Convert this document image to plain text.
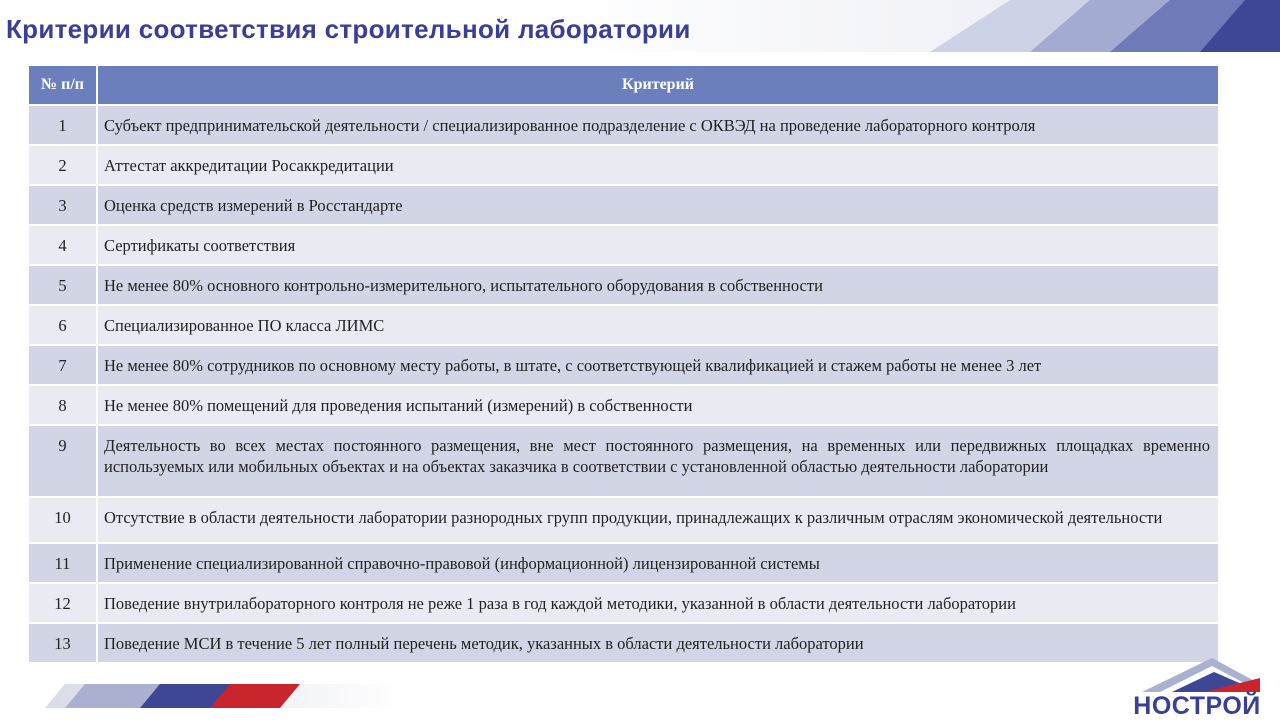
Критерии соответствия строительной лаборатории
№ п/п	Критерий
1	Субъект предпринимательской деятельности / специализированное подразделение с ОКВЭД на проведение лабораторного контроля
2	Аттестат аккредитации Росаккредитации
3	Оценка средств измерений в Росстандарте
4	Сертификаты соответствия
5	Не менее 80% основного контрольно-измерительного, испытательного оборудования в собственности
6	Специализированное ПО класса ЛИМС
7	Не менее 80% сотрудников по основному месту работы, в штате, с соответствующей квалификацией и стажем работы не менее 3 лет
8	Не менее 80% помещений для проведения испытаний (измерений) в собственности
9	Деятельность во всех местах постоянного размещения, вне мест постоянного размещения, на временных или передвижных площадках временно используемых или мобильных объектах и на объектах заказчика в соответствии с установленной областью деятельности лаборатории
10	Отсутствие в области деятельности лаборатории разнородных групп продукции, принадлежащих к различным отраслям экономической деятельности
11	Применение специализированной справочно-правовой (информационной) лицензированной системы
12	Поведение внутрилабораторного контроля не реже 1 раза в год каждой методики, указанной в области деятельности лаборатории
13	Поведение МСИ в течение 5 лет полный перечень методик, указанных в области деятельности лаборатории
НОСТРОЙ
